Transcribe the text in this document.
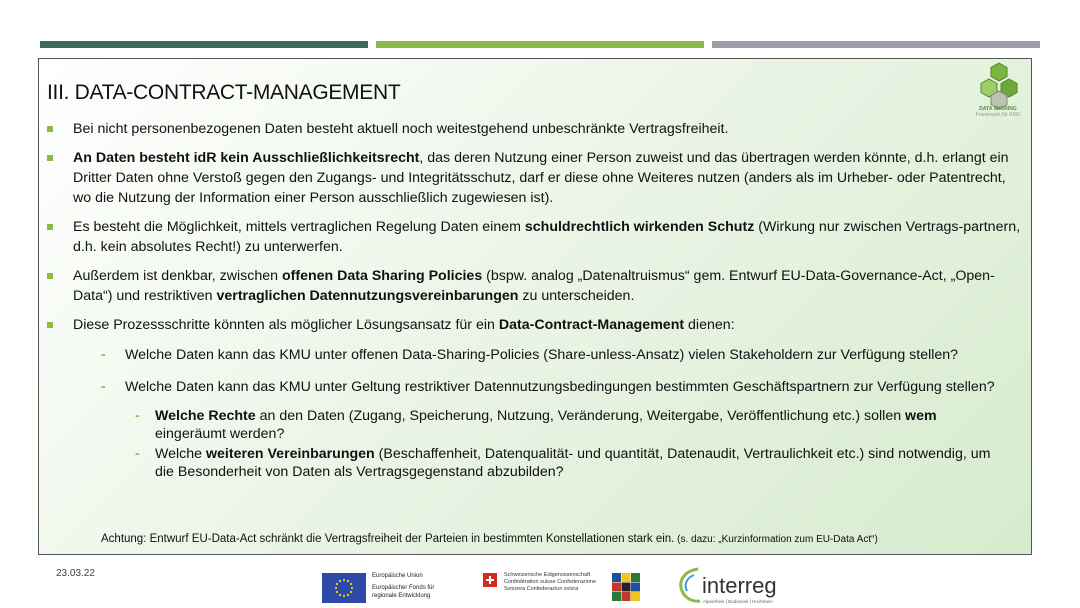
III. DATA-CONTRACT-MANAGEMENT
DATA SHARING
Framework für KMU
Bei nicht personenbezogenen Daten besteht aktuell noch weitestgehend unbeschränkte Vertragsfreiheit.
An Daten besteht idR kein Ausschließlichkeitsrecht, das deren Nutzung einer Person zuweist und das übertragen werden könnte, d.h. erlangt ein Dritter Daten ohne Verstoß gegen den Zugangs- und Integritätsschutz, darf er diese ohne Weiteres nutzen (anders als im Urheber- oder Patentrecht, wo die Nutzung der Information einer Person ausschließlich zugewiesen ist).
Es besteht die Möglichkeit, mittels vertraglichen Regelung Daten einem schuldrechtlich wirkenden Schutz (Wirkung nur zwischen Vertrags-partnern, d.h. kein absolutes Recht!) zu unterwerfen.
Außerdem ist denkbar, zwischen offenen Data Sharing Policies (bspw. analog „Datenaltruismus“ gem. Entwurf EU-Data-Governance-Act, „Open-Data“) und restriktiven vertraglichen Datennutzungsvereinbarungen zu unterscheiden.
Diese Prozessschritte könnten als möglicher Lösungsansatz für ein Data-Contract-Management dienen:
- Welche Daten kann das KMU unter offenen Data-Sharing-Policies (Share-unless-Ansatz) vielen Stakeholdern zur Verfügung stellen?
- Welche Daten kann das KMU unter Geltung restriktiver Datennutzungsbedingungen bestimmten Geschäftspartnern zur Verfügung stellen?
- Welche Rechte an den Daten (Zugang, Speicherung, Nutzung, Veränderung, Weitergabe, Veröffentlichung etc.) sollen wem eingeräumt werden?
- Welche weiteren Vereinbarungen (Beschaffenheit, Datenqualität- und quantität, Datenaudit, Vertraulichkeit etc.) sind notwendig, um die Besonderheit von Daten als Vertragsgegenstand abzubilden?
Achtung: Entwurf EU-Data-Act schränkt die Vertragsfreiheit der Parteien in bestimmten Konstellationen stark ein. (s. dazu: „Kurzinformation zum EU-Data Act“)
23.03.22	Europäische Union
Europäischer Fonds für regionale Entwicklung
Schweizerische Eidgenossenschaft Confédération suisse Confederazione Svizzera Confederaziun svizra	interreg
Alpenrhein | Bodensee | Hochrhein
